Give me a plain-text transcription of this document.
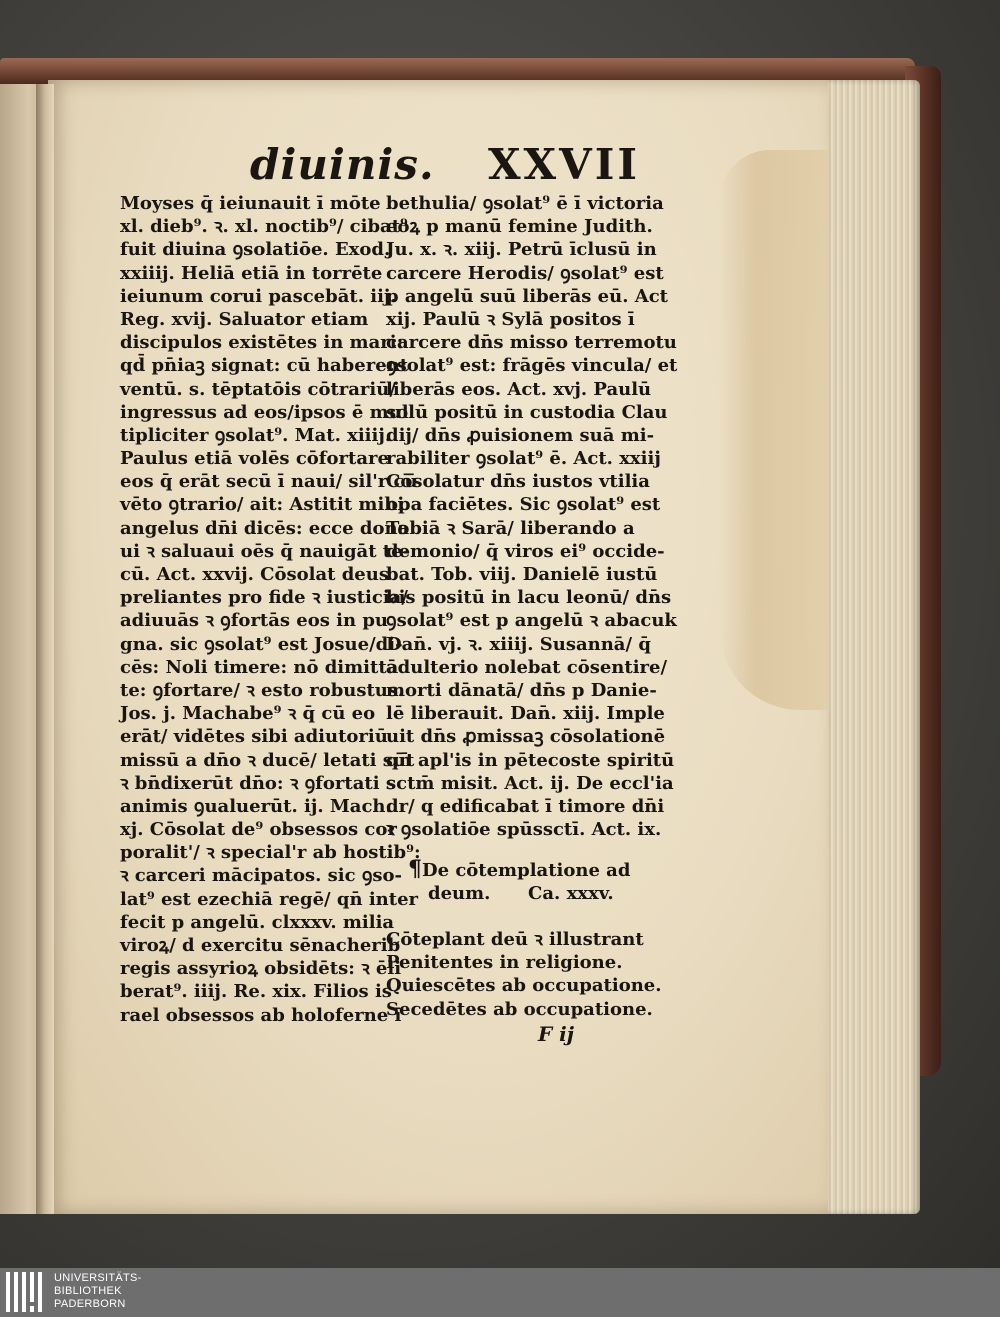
diuinis. XXVII
Moyses q̄ ieiunauit ī mōte
xl. dieb⁹. ꝛ. xl. noctib⁹/ cibat⁹
fuit diuina ꝯsolatiōe. Exod.
xxiiij. Heliā etiā in torrēte
ieiunum corui pascebāt. iij.
Reg. xvij. Saluator etiam
discipulos existētes in mari:
qd̄ pn̄iaꝫ signat: cū haberent
ventū. s. tēptatōis cōtrariū/
ingressus ad eos/ipsos ē mul
tipliciter ꝯsolat⁹. Mat. xiiij.
Paulus etiā volēs cōfortare
eos q̄ erāt secū ī naui/ sil'r cū
vēto ꝯtrario/ ait: Astitit mihi
angelus dn̄i dicēs: ecce dona
ui ꝛ saluaui oēs q̄ nauigāt te-
cū. Act. xxvij. Cōsolat deus
preliantes pro fide ꝛ iusticia/
adiuuās ꝛ ꝯfortās eos in pu
gna. sic ꝯsolat⁹ est Josue/di-
cēs: Noli timere: nō dimittā
te: ꝯfortare/ ꝛ esto robustus.
Jos. j. Machabe⁹ ꝛ q̄ cū eo
erāt/ vidētes sibi adiutoriū
missū a dn̄o ꝛ ducē/ letati sūt
ꝛ bn̄dixerūt dn̄o: ꝛ ꝯfortati s
animis ꝯualuerūt. ij. Mach.
xj. Cōsolat de⁹ obsessos cor
poralit'/ ꝛ special'r ab hostib⁹:
ꝛ carceri mācipatos. sic ꝯso-
lat⁹ est ezechiā regē/ qn̄ inter
fecit p angelū. clxxxv. milia
viroꝝ/ d exercitu sēnacherib
regis assyrioꝝ obsidēts: ꝛ ēli
berat⁹. iiij. Re. xix. Filios is
rael obsessos ab holoferne ī
bethulia/ ꝯsolat⁹ ē ī victoria
eoꝝ p manū femine Judith.
Ju. x. ꝛ. xiij. Petrū īclusū in
carcere Herodis/ ꝯsolat⁹ est
p angelū suū liberās eū. Act
xij. Paulū ꝛ Sylā positos ī
carcere dn̄s misso terremotu
ꝯsolat⁹ est: frāgēs vincula/ et
liberās eos. Act. xvj. Paulū
solū positū in custodia Clau
dij/ dn̄s ꝓuisionem suā mi-
rabiliter ꝯsolat⁹ ē. Act. xxiij
Cōsolatur dn̄s iustos vtilia
opa faciētes. Sic ꝯsolat⁹ est
Tobiā ꝛ Sarā/ liberando a
demonio/ q̄ viros ei⁹ occide-
bat. Tob. viij. Danielē iustū
bis positū in lacu leonū/ dn̄s
ꝯsolat⁹ est p angelū ꝛ abacuk
Dan̄. vj. ꝛ. xiiij. Susannā/ q̄
adulterio nolebat cōsentire/
morti dānatā/ dn̄s p Danie-
lē liberauit. Dan̄. xiij. Imple
uit dn̄s ꝓmissaꝫ cōsolationē
qn̄ apl'is in pētecoste spiritū
sctm̄ misit. Act. ij. De eccl'ia
dr/ q edificabat ī timore dn̄i
ꝛ ꝯsolatiōe spūssctī. Act. ix.
¶De cōtemplatione ad
deum. Ca. xxxv.
Cōteplant deū ꝛ illustrant
Penitentes in religione.
Quiescētes ab occupatione.
Secedētes ab occupatione.
F ij
UNIVERSITÄTS-
BIBLIOTHEK
PADERBORN
